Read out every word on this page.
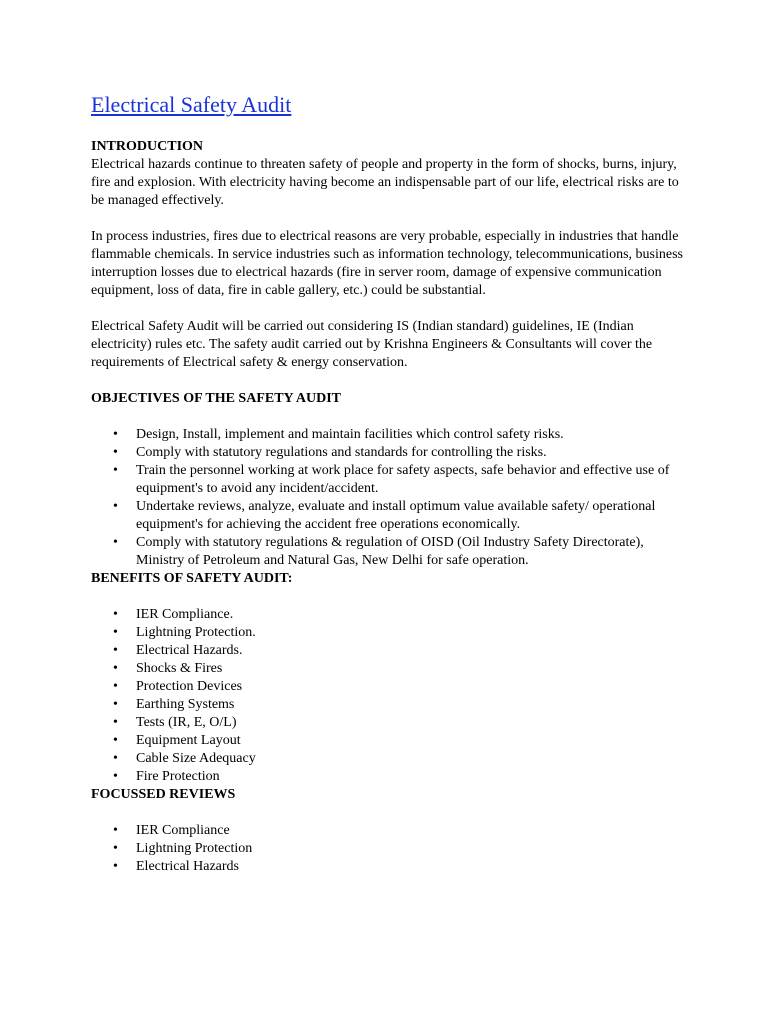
Electrical Safety Audit

INTRODUCTION

Electrical hazards continue to threaten safety of people and property in the form of shocks, burns, injury, fire and explosion. With electricity having become an indispensable part of our life, electrical risks are to be managed effectively.

In process industries, fires due to electrical reasons are very probable, especially in industries that handle flammable chemicals. In service industries such as information technology, telecommunications, business interruption losses due to electrical hazards (fire in server room, damage of expensive communication equipment, loss of data, fire in cable gallery, etc.) could be substantial.

Electrical Safety Audit will be carried out considering IS (Indian standard) guidelines, IE (Indian electricity) rules etc. The safety audit carried out by Krishna Engineers & Consultants will cover the requirements of Electrical safety & energy conservation.

OBJECTIVES OF THE SAFETY AUDIT

• Design, Install, implement and maintain facilities which control safety risks.
• Comply with statutory regulations and standards for controlling the risks.
• Train the personnel working at work place for safety aspects, safe behavior and effective use of equipment's to avoid any incident/accident.
• Undertake reviews, analyze, evaluate and install optimum value available safety/ operational equipment's for achieving the accident free operations economically.
• Comply with statutory regulations & regulation of OISD (Oil Industry Safety Directorate), Ministry of Petroleum and Natural Gas, New Delhi for safe operation.

BENEFITS OF SAFETY AUDIT:

• IER Compliance.
• Lightning Protection.
• Electrical Hazards.
• Shocks & Fires
• Protection Devices
• Earthing Systems
• Tests (IR, E, O/L)
• Equipment Layout
• Cable Size Adequacy
• Fire Protection

FOCUSSED REVIEWS

• IER Compliance
• Lightning Protection
• Electrical Hazards
